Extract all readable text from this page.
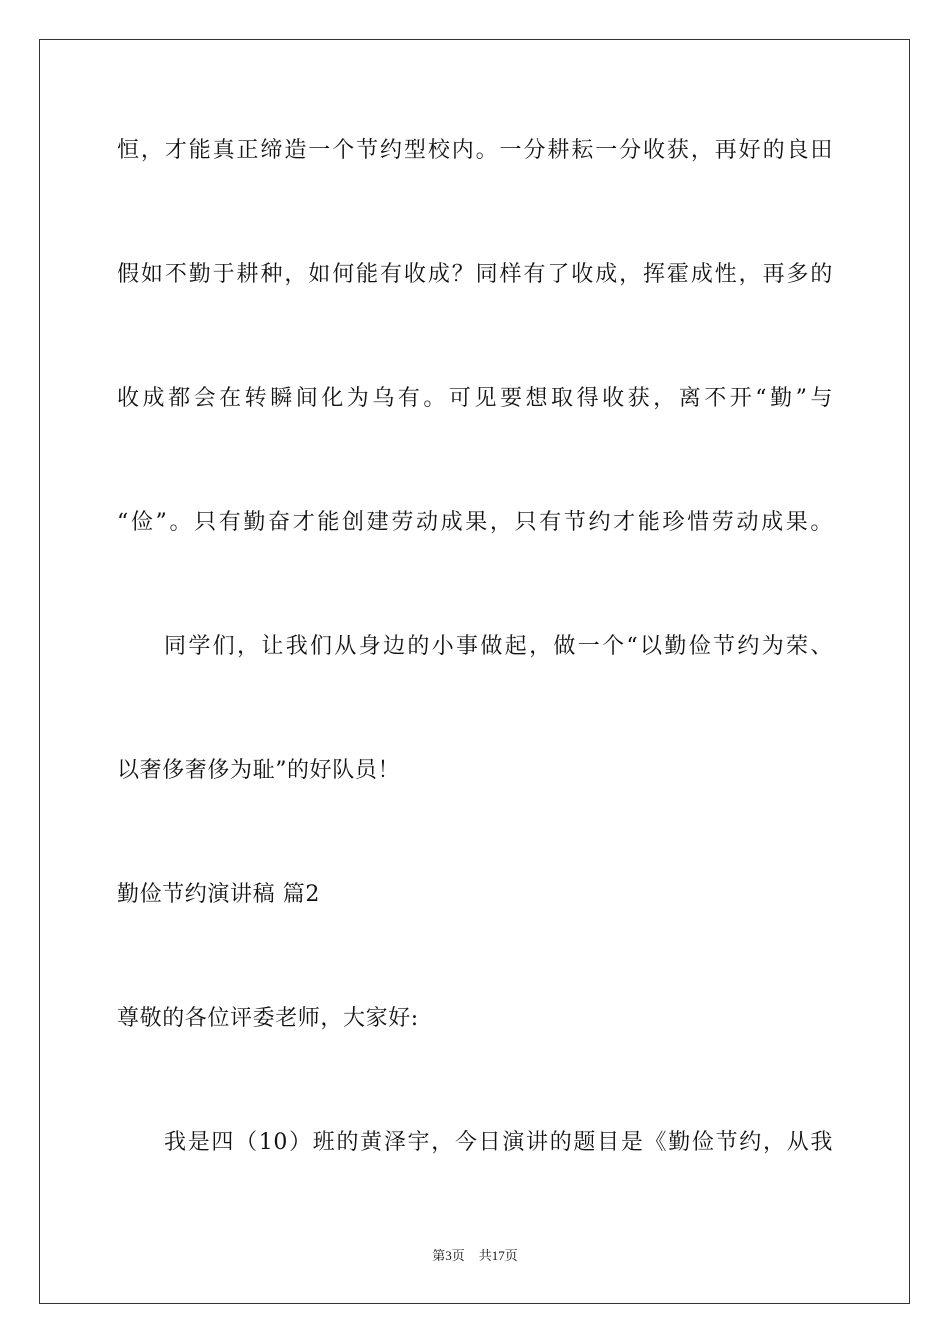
恒，才能真正缔造一个节约型校内。一分耕耘一分收获，再好的良田
假如不勤于耕种，如何能有收成？同样有了收成，挥霍成性，再多的
收成都会在转瞬间化为乌有。可见要想取得收获，离不开“勤”与
“俭”。只有勤奋才能创建劳动成果，只有节约才能珍惜劳动成果。
同学们，让我们从身边的小事做起，做一个“以勤俭节约为荣、
以奢侈奢侈为耻”的好队员！
勤俭节约演讲稿 篇2
尊敬的各位评委老师，大家好:
我是四（10）班的黄泽宇，今日演讲的题目是《勤俭节约，从我
第3页 共17页
